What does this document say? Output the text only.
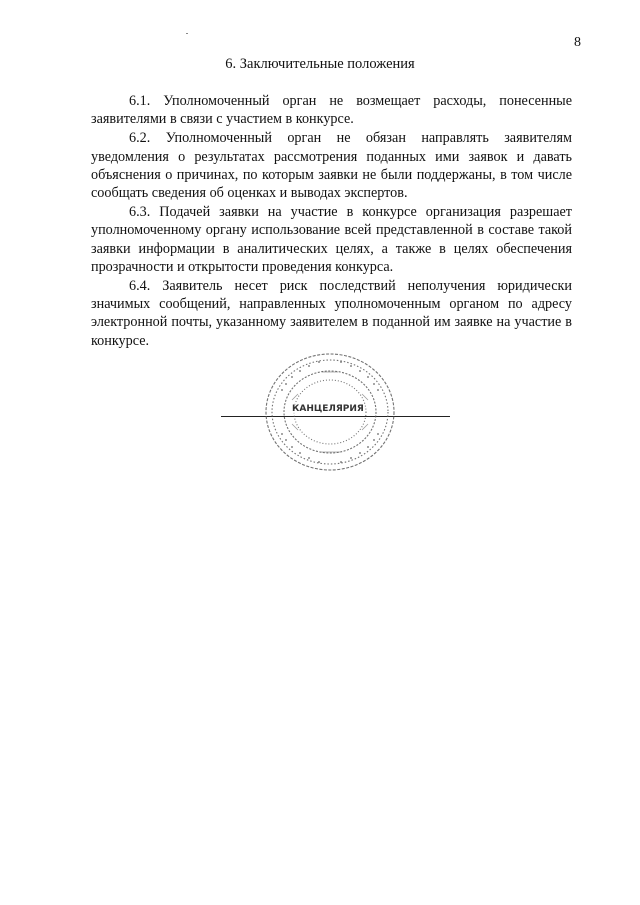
8
6. Заключительные положения

6.1. Уполномоченный орган не возмещает расходы, понесенные заявителями в связи с участием в конкурсе.

6.2. Уполномоченный орган не обязан направлять заявителям уведомления о результатах рассмотрения поданных ими заявок и давать объяснения о причинах, по которым заявки не были поддержаны, в том числе сообщать сведения об оценках и выводах экспертов.

6.3. Подачей заявки на участие в конкурсе организация разрешает уполномоченному органу использование всей представленной в составе такой заявки информации в аналитических целях, а также в целях обеспечения прозрачности и открытости проведения конкурса.

6.4. Заявитель несет риск последствий неполучения юридически значимых сообщений, направленных уполномоченным органом по адресу электронной почты, указанному заявителем в поданной им заявке на участие в конкурсе.

КАНЦЕЛЯРИЯ
